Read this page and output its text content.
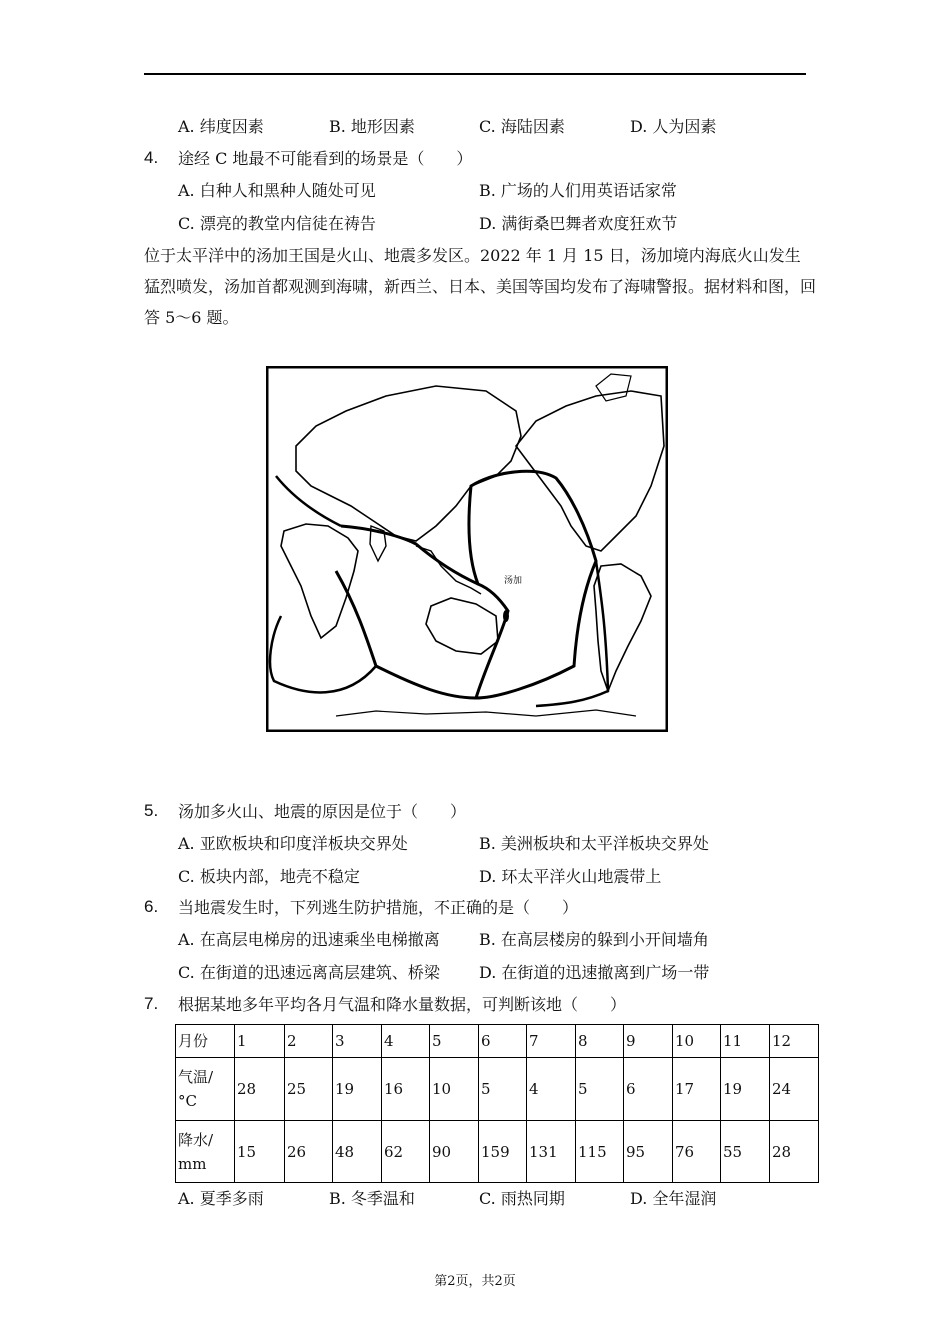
A. 纬度因素	B. 地形因素	C. 海陆因素	D. 人为因素
4. 途经 C 地最不可能看到的场景是（　　）
A. 白种人和黑种人随处可见	B. 广场的人们用英语话家常
C. 漂亮的教堂内信徒在祷告	D. 满街桑巴舞者欢度狂欢节
位于太平洋中的汤加王国是火山、地震多发区。2022 年 1 月 15 日，汤加境内海底火山发生猛烈喷发，汤加首都观测到海啸，新西兰、日本、美国等国均发布了海啸警报。据材料和图，回答 5～6 题。
汤加
5. 汤加多火山、地震的原因是位于（　　）
A. 亚欧板块和印度洋板块交界处	B. 美洲板块和太平洋板块交界处
C. 板块内部，地壳不稳定	D. 环太平洋火山地震带上
6. 当地震发生时，下列逃生防护措施，不正确的是（　　）
A. 在高层电梯房的迅速乘坐电梯撤离 B. 在高层楼房的躲到小开间墙角
C. 在街道的迅速远离高层建筑、桥梁 D. 在街道的迅速撤离到广场一带
7. 根据某地多年平均各月气温和降水量数据，可判断该地（　　）
月份	1	2	3	4	5	6	7	8	9	10	11	12
气温/
°C	28	25	19	16	10	5	4	5	6	17	19	24
降水/
mm	15	26	48	62	90	159	131	115	95	76	55	28
A. 夏季多雨	B. 冬季温和	C. 雨热同期	D. 全年湿润
第2页，共2页
